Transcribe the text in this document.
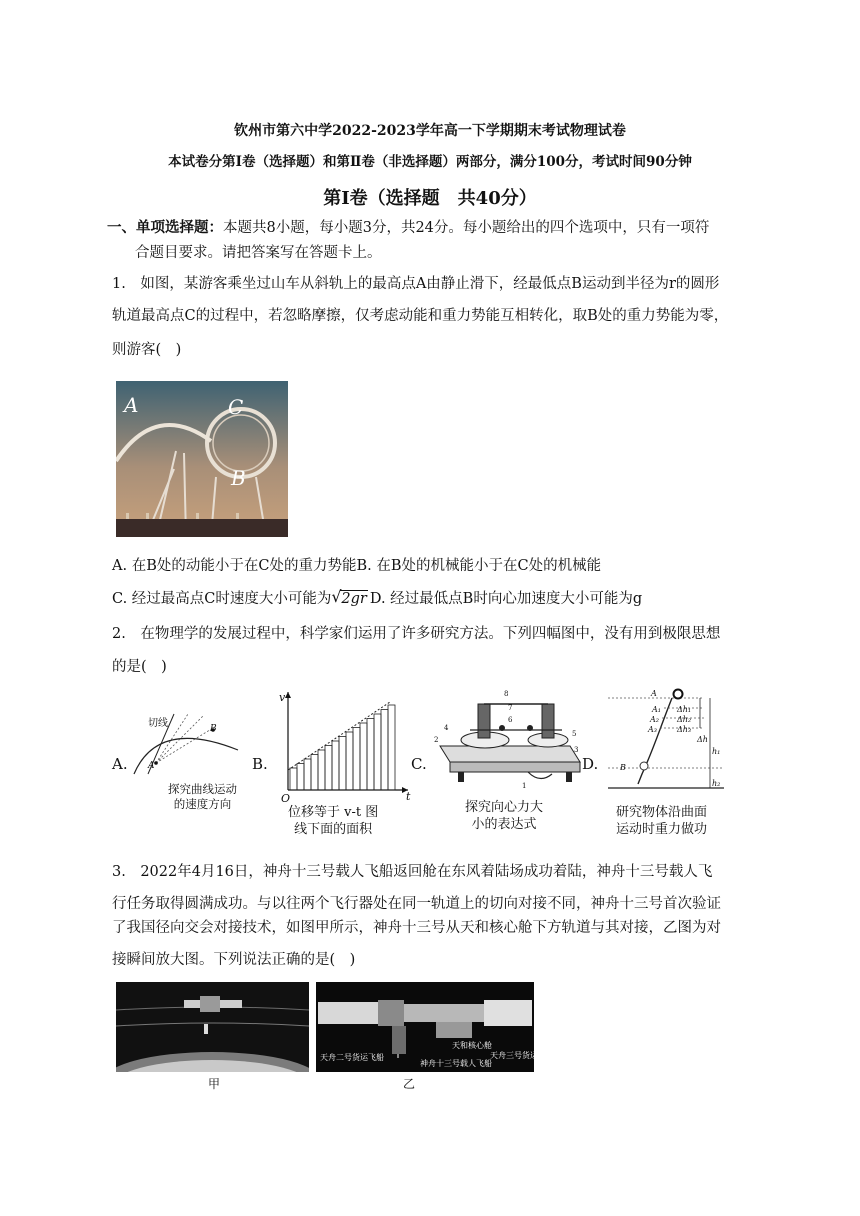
钦州市第六中学2022-2023学年高一下学期期末考试物理试卷
本试卷分第Ⅰ卷（选择题）和第Ⅱ卷（非选择题）两部分，满分100分，考试时间90分钟
第Ⅰ卷（选择题　共40分）
一、单项选择题：本题共8小题，每小题3分，共24分。每小题给出的四个选项中，只有一项符
合题目要求。请把答案写在答题卡上。
1.　如图，某游客乘坐过山车从斜轨上的最高点A由静止滑下，经最低点B运动到半径为r的圆形
轨道最高点C的过程中，若忽略摩擦，仅考虑动能和重力势能互相转化，取B处的重力势能为零，
则游客(　)
A	C
B
A. 在B处的动能小于在C处的重力势能B. 在B处的机械能小于在C处的机械能
C. 经过最高点C时速度大小可能为 √ 2gr D. 经过最低点B时向心加速度大小可能为g
2.　在物理学的发展过程中，科学家们运用了许多研究方法。下列四幅图中，没有用到极限思想
的是(　)
A.
切线
A
B
探究曲线运动
的速度方向
B.
v
t
O
位移等于 v-t 图
线下面的面积
C.
2
4
8
7
6
5
3
1
探究向心力大
小的表达式
D.
A
A₁
A₂
A₃
Δh₁
Δh₂
Δh₃
Δh
h₁
h₂
B
研究物体沿曲面
运动时重力做功
3.　2022年4月16日，神舟十三号载人飞船返回舱在东风着陆场成功着陆，神舟十三号载人飞
行任务取得圆满成功。与以往两个飞行器处在同一轨道上的切向对接不同，神舟十三号首次验证
了我国径向交会对接技术，如图甲所示，神舟十三号从天和核心舱下方轨道与其对接，乙图为对
接瞬间放大图。下列说法正确的是(　)
甲
天和核心舱
天舟三号货运飞船
天舟二号货运飞船
神舟十三号载人飞船
乙
